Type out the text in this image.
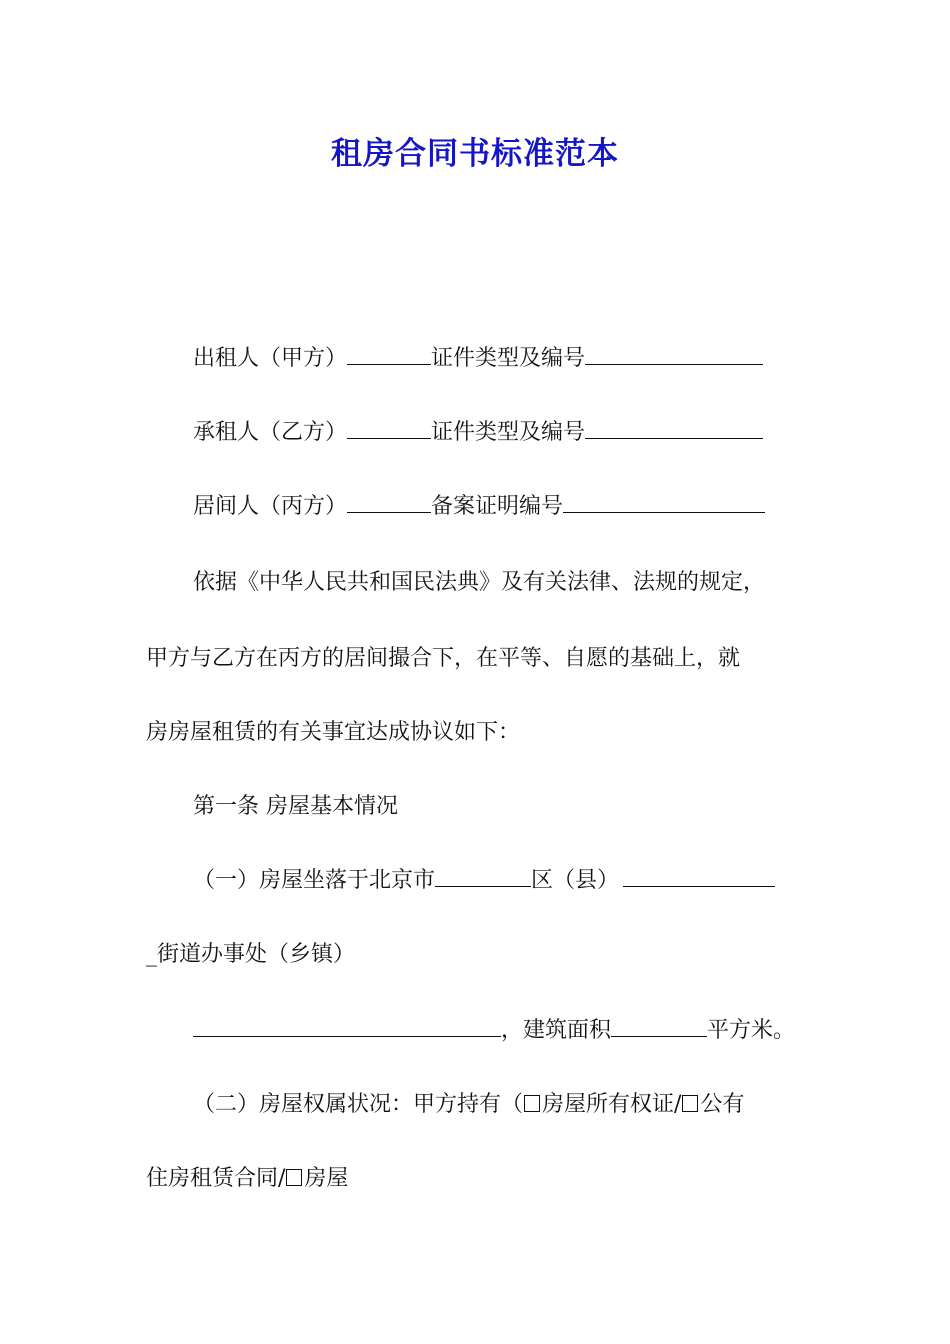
租房合同书标准范本
出租人（甲方）	证件类型及编号
承租人（乙方）	证件类型及编号
居间人（丙方）	备案证明编号
依据《中华人民共和国民法典》及有关法律、法规的规定，
甲方与乙方在丙方的居间撮合下，在平等、自愿的基础上，就
房房屋租赁的有关事宜达成协议如下：
第一条 房屋基本情况
（一）房屋坐落于北京市	区（县）
_街道办事处（乡镇）
，建筑面积	平方米。
（二）房屋权属状况：甲方持有（ 房屋所有权证/ 公有
住房租赁合同/ 房屋
